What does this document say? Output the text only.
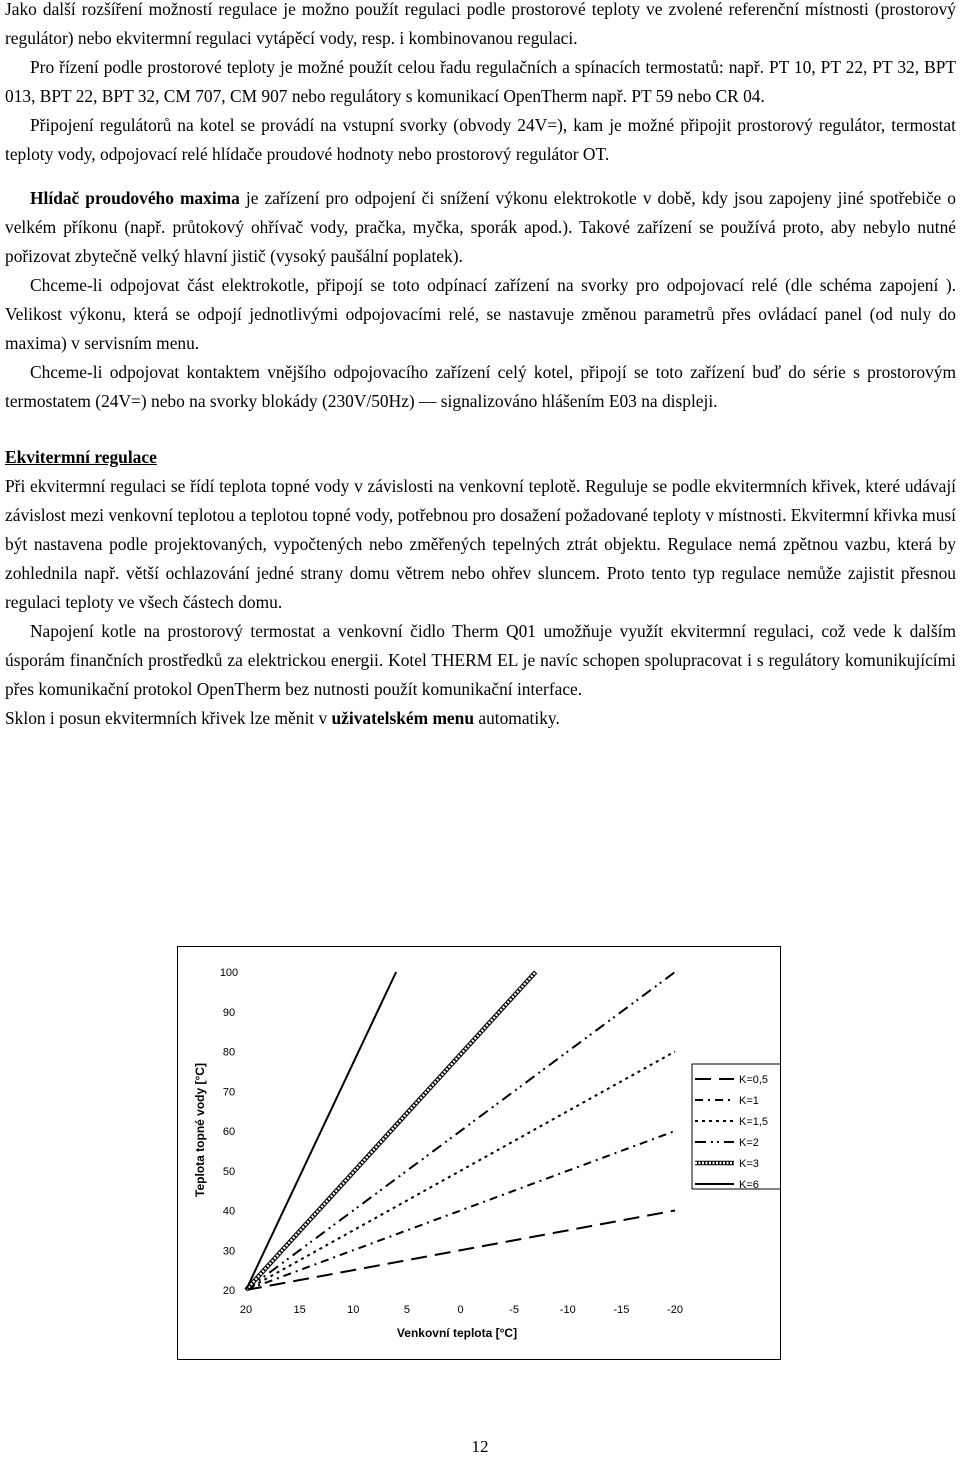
Jako další rozšíření možností regulace je možno použít regulaci podle prostorové teploty ve zvolené referenční místnosti (prostorový regulátor) nebo ekvitermní regulaci vytápěcí vody, resp. i kombinovanou regulaci.

Pro řízení podle prostorové teploty je možné použít celou řadu regulačních a spínacích termostatů: např. PT 10, PT 22, PT 32, BPT 013, BPT 22, BPT 32, CM 707, CM 907 nebo regulátory s komunikací OpenTherm např. PT 59 nebo CR 04.

Připojení regulátorů na kotel se provádí na vstupní svorky (obvody 24V=), kam je možné připojit prostorový regulátor, termostat teploty vody, odpojovací relé hlídače proudové hodnoty nebo prostorový regulátor OT.

Hlídač proudového maxima je zařízení pro odpojení či snížení výkonu elektrokotle v době, kdy jsou zapojeny jiné spotřebiče o velkém příkonu (např. průtokový ohřívač vody, pračka, myčka, sporák apod.). Takové zařízení se používá proto, aby nebylo nutné pořizovat zbytečně velký hlavní jistič (vysoký paušální poplatek).

Chceme-li odpojovat část elektrokotle, připojí se toto odpínací zařízení na svorky pro odpojovací relé (dle schéma zapojení ). Velikost výkonu, která se odpojí jednotlivými odpojovacími relé, se nastavuje změnou parametrů přes ovládací panel (od nuly do maxima) v servisním menu.

Chceme-li odpojovat kontaktem vnějšího odpojovacího zařízení celý kotel, připojí se toto zařízení buď do série s prostorovým termostatem (24V=) nebo na svorky blokády (230V/50Hz) — signalizováno hlášením E03 na displeji.

Ekvitermní regulace

Při ekvitermní regulaci se řídí teplota topné vody v závislosti na venkovní teplotě. Reguluje se podle ekvitermních křivek, které udávají závislost mezi venkovní teplotou a teplotou topné vody, potřebnou pro dosažení požadované teploty v místnosti. Ekvitermní křivka musí být nastavena podle projektovaných, vypočtených nebo změřených tepelných ztrát objektu. Regulace nemá zpětnou vazbu, která by zohlednila např. větší ochlazování jedné strany domu větrem nebo ohřev sluncem. Proto tento typ regulace nemůže zajistit přesnou regulaci teploty ve všech částech domu.

Napojení kotle na prostorový termostat a venkovní čidlo Therm Q01 umožňuje využít ekvitermní regulaci, což vede k dalším úsporám finančních prostředků za elektrickou energii. Kotel THERM EL je navíc schopen spolupracovat i s regulátory komunikujícími přes komunikační protokol OpenTherm bez nutnosti použít komunikační interface.

Sklon i posun ekvitermních křivek lze měnit v uživatelském menu automatiky.

20
30
40
50
60
70
80
90
100
20	15	10	5	0	-5	-10	-15	-20
Teplota topné vody [°C]
Venkovní teplota [°C]
K=0,5
K=1
K=1,5
K=2
K=3
K=6
12
